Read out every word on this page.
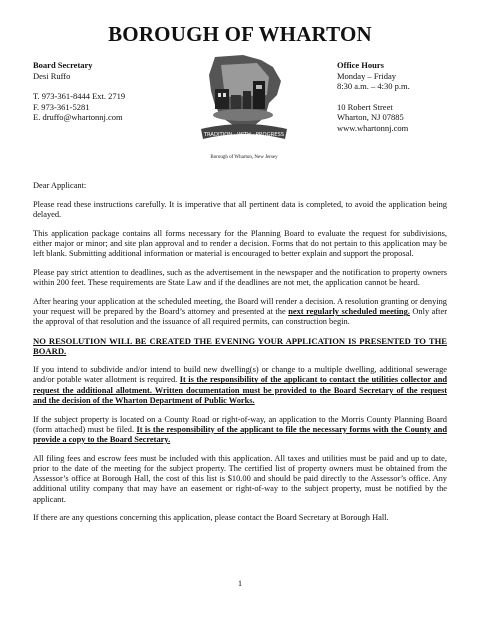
BOROUGH OF WHARTON
Board Secretary
Desi Ruffo
T. 973-361-8444 Ext. 2719
F. 973-361-5281
E. druffo@whartonnj.com
TRADITION · WITH · PROGRESS
Borough of Wharton, New Jersey
Office Hours
Monday – Friday
8:30 a.m. – 4:30 p.m.
10 Robert Street
Wharton, NJ 07885
www.whartonnj.com

Dear Applicant:

Please read these instructions carefully. It is imperative that all pertinent data is completed, to avoid the application being delayed.

This application package contains all forms necessary for the Planning Board to evaluate the request for subdivisions, either major or minor; and site plan approval and to render a decision. Forms that do not pertain to this application may be left blank. Submitting additional information or material is encouraged to better explain and support the proposal.

Please pay strict attention to deadlines, such as the advertisement in the newspaper and the notification to property owners within 200 feet. These requirements are State Law and if the deadlines are not met, the application cannot be heard.

After hearing your application at the scheduled meeting, the Board will render a decision. A resolution granting or denying your request will be prepared by the Board’s attorney and presented at the next regularly scheduled meeting. Only after the approval of that resolution and the issuance of all required permits, can construction begin.

NO RESOLUTION WILL BE CREATED THE EVENING YOUR APPLICATION IS PRESENTED TO THE BOARD.

If you intend to subdivide and/or intend to build new dwelling(s) or change to a multiple dwelling, additional sewerage and/or potable water allotment is required. It is the responsibility of the applicant to contact the utilities collector and request the additional allotment. Written documentation must be provided to the Board Secretary of the request and the decision of the Wharton Department of Public Works.

If the subject property is located on a County Road or right-of-way, an application to the Morris County Planning Board (form attached) must be filed. It is the responsibility of the applicant to file the necessary forms with the County and provide a copy to the Board Secretary.

All filing fees and escrow fees must be included with this application. All taxes and utilities must be paid and up to date, prior to the date of the meeting for the subject property. The certified list of property owners must be obtained from the Assessor’s office at Borough Hall, the cost of this list is $10.00 and should be paid directly to the Assessor’s office. Any additional utility company that may have an easement or right-of-way to the subject property, must be notified by the applicant.

If there are any questions concerning this application, please contact the Board Secretary at Borough Hall.

1
